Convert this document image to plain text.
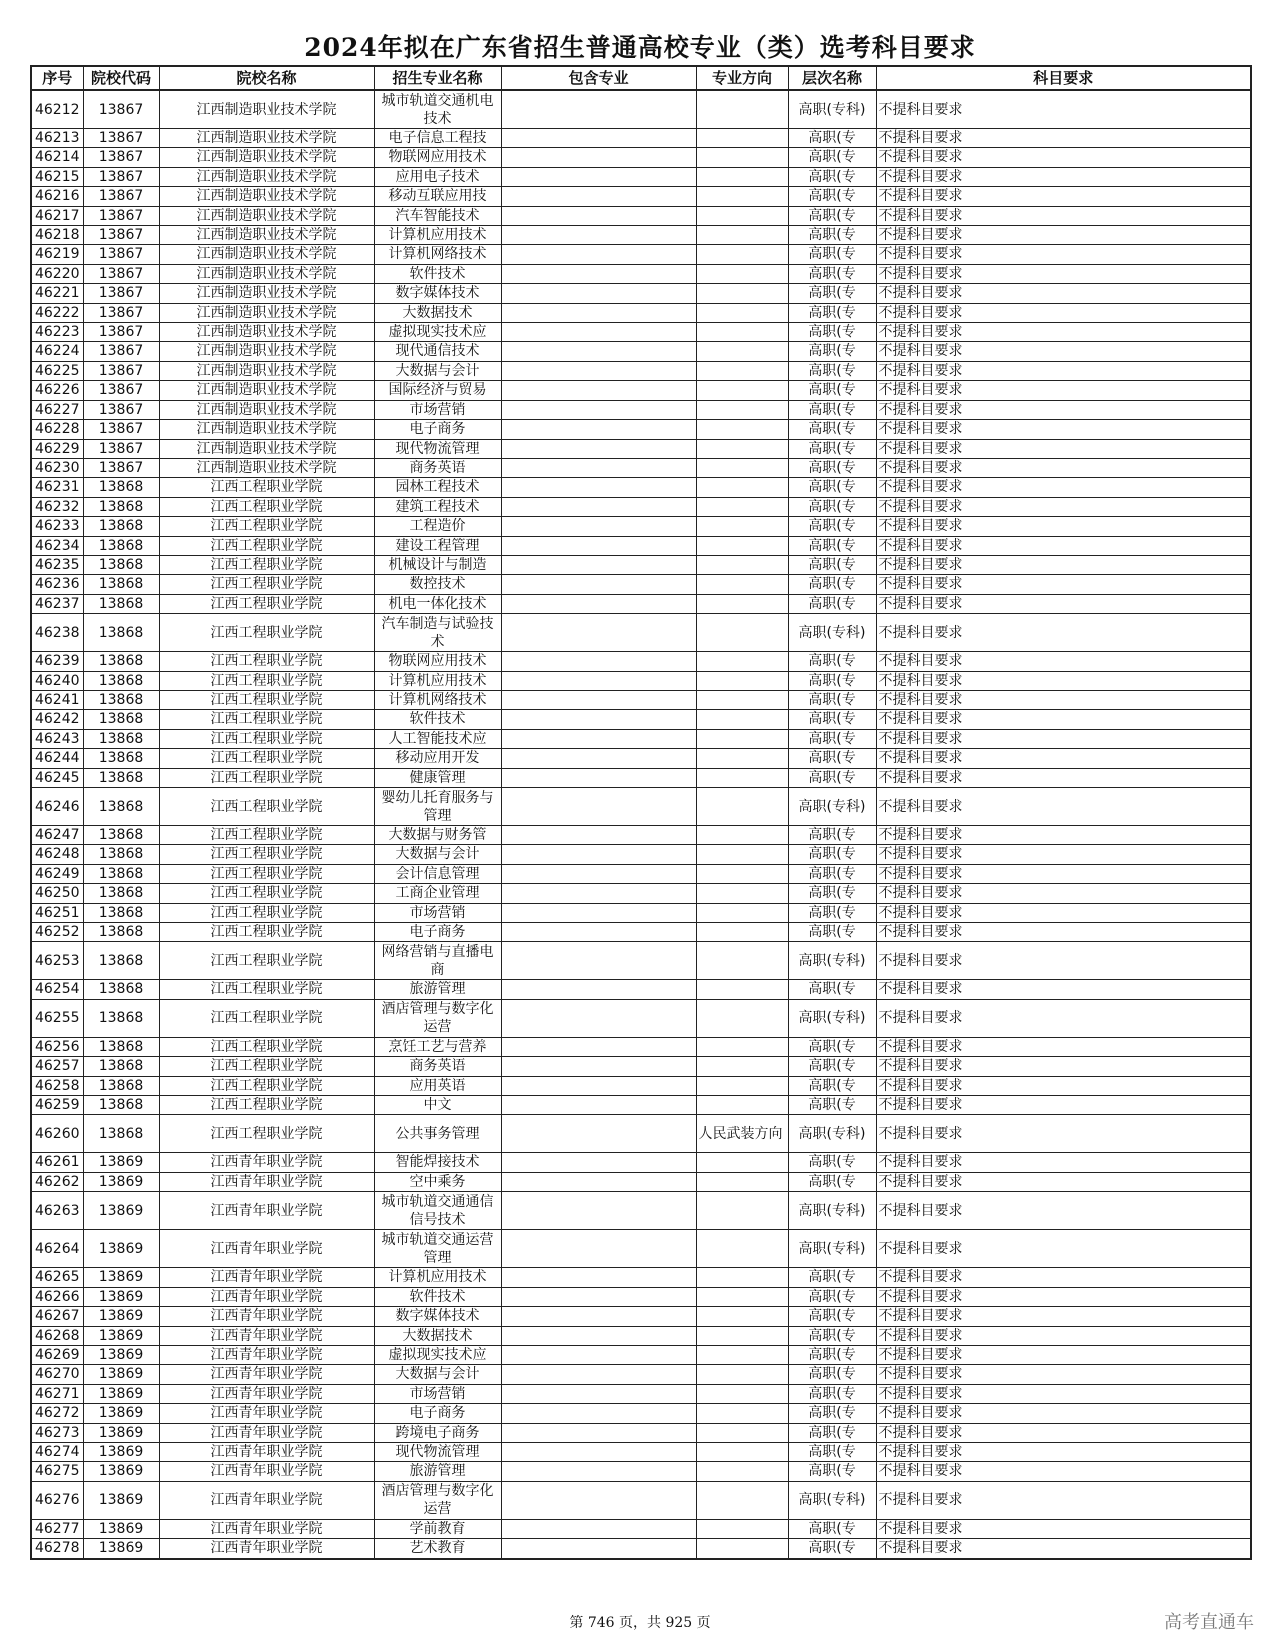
2024年拟在广东省招生普通高校专业（类）选考科目要求
序号	院校代码	院校名称	招生专业名称	包含专业	专业方向	层次名称	科目要求
46212	13867	江西制造职业技术学院	城市轨道交通机电技术			高职(专科)	不提科目要求
46213	13867	江西制造职业技术学院	电子信息工程技			高职(专	不提科目要求
46214	13867	江西制造职业技术学院	物联网应用技术			高职(专	不提科目要求
46215	13867	江西制造职业技术学院	应用电子技术			高职(专	不提科目要求
46216	13867	江西制造职业技术学院	移动互联应用技			高职(专	不提科目要求
46217	13867	江西制造职业技术学院	汽车智能技术			高职(专	不提科目要求
46218	13867	江西制造职业技术学院	计算机应用技术			高职(专	不提科目要求
46219	13867	江西制造职业技术学院	计算机网络技术			高职(专	不提科目要求
46220	13867	江西制造职业技术学院	软件技术			高职(专	不提科目要求
46221	13867	江西制造职业技术学院	数字媒体技术			高职(专	不提科目要求
46222	13867	江西制造职业技术学院	大数据技术			高职(专	不提科目要求
46223	13867	江西制造职业技术学院	虚拟现实技术应			高职(专	不提科目要求
46224	13867	江西制造职业技术学院	现代通信技术			高职(专	不提科目要求
46225	13867	江西制造职业技术学院	大数据与会计			高职(专	不提科目要求
46226	13867	江西制造职业技术学院	国际经济与贸易			高职(专	不提科目要求
46227	13867	江西制造职业技术学院	市场营销			高职(专	不提科目要求
46228	13867	江西制造职业技术学院	电子商务			高职(专	不提科目要求
46229	13867	江西制造职业技术学院	现代物流管理			高职(专	不提科目要求
46230	13867	江西制造职业技术学院	商务英语			高职(专	不提科目要求
46231	13868	江西工程职业学院	园林工程技术			高职(专	不提科目要求
46232	13868	江西工程职业学院	建筑工程技术			高职(专	不提科目要求
46233	13868	江西工程职业学院	工程造价			高职(专	不提科目要求
46234	13868	江西工程职业学院	建设工程管理			高职(专	不提科目要求
46235	13868	江西工程职业学院	机械设计与制造			高职(专	不提科目要求
46236	13868	江西工程职业学院	数控技术			高职(专	不提科目要求
46237	13868	江西工程职业学院	机电一体化技术			高职(专	不提科目要求
46238	13868	江西工程职业学院	汽车制造与试验技术			高职(专科)	不提科目要求
46239	13868	江西工程职业学院	物联网应用技术			高职(专	不提科目要求
46240	13868	江西工程职业学院	计算机应用技术			高职(专	不提科目要求
46241	13868	江西工程职业学院	计算机网络技术			高职(专	不提科目要求
46242	13868	江西工程职业学院	软件技术			高职(专	不提科目要求
46243	13868	江西工程职业学院	人工智能技术应			高职(专	不提科目要求
46244	13868	江西工程职业学院	移动应用开发			高职(专	不提科目要求
46245	13868	江西工程职业学院	健康管理			高职(专	不提科目要求
46246	13868	江西工程职业学院	婴幼儿托育服务与管理			高职(专科)	不提科目要求
46247	13868	江西工程职业学院	大数据与财务管			高职(专	不提科目要求
46248	13868	江西工程职业学院	大数据与会计			高职(专	不提科目要求
46249	13868	江西工程职业学院	会计信息管理			高职(专	不提科目要求
46250	13868	江西工程职业学院	工商企业管理			高职(专	不提科目要求
46251	13868	江西工程职业学院	市场营销			高职(专	不提科目要求
46252	13868	江西工程职业学院	电子商务			高职(专	不提科目要求
46253	13868	江西工程职业学院	网络营销与直播电商			高职(专科)	不提科目要求
46254	13868	江西工程职业学院	旅游管理			高职(专	不提科目要求
46255	13868	江西工程职业学院	酒店管理与数字化运营			高职(专科)	不提科目要求
46256	13868	江西工程职业学院	烹饪工艺与营养			高职(专	不提科目要求
46257	13868	江西工程职业学院	商务英语			高职(专	不提科目要求
46258	13868	江西工程职业学院	应用英语			高职(专	不提科目要求
46259	13868	江西工程职业学院	中文			高职(专	不提科目要求
46260	13868	江西工程职业学院	公共事务管理		人民武装方向	高职(专科)	不提科目要求
46261	13869	江西青年职业学院	智能焊接技术			高职(专	不提科目要求
46262	13869	江西青年职业学院	空中乘务			高职(专	不提科目要求
46263	13869	江西青年职业学院	城市轨道交通通信信号技术			高职(专科)	不提科目要求
46264	13869	江西青年职业学院	城市轨道交通运营管理			高职(专科)	不提科目要求
46265	13869	江西青年职业学院	计算机应用技术			高职(专	不提科目要求
46266	13869	江西青年职业学院	软件技术			高职(专	不提科目要求
46267	13869	江西青年职业学院	数字媒体技术			高职(专	不提科目要求
46268	13869	江西青年职业学院	大数据技术			高职(专	不提科目要求
46269	13869	江西青年职业学院	虚拟现实技术应			高职(专	不提科目要求
46270	13869	江西青年职业学院	大数据与会计			高职(专	不提科目要求
46271	13869	江西青年职业学院	市场营销			高职(专	不提科目要求
46272	13869	江西青年职业学院	电子商务			高职(专	不提科目要求
46273	13869	江西青年职业学院	跨境电子商务			高职(专	不提科目要求
46274	13869	江西青年职业学院	现代物流管理			高职(专	不提科目要求
46275	13869	江西青年职业学院	旅游管理			高职(专	不提科目要求
46276	13869	江西青年职业学院	酒店管理与数字化运营			高职(专科)	不提科目要求
46277	13869	江西青年职业学院	学前教育			高职(专	不提科目要求
46278	13869	江西青年职业学院	艺术教育			高职(专	不提科目要求
第 746 页，共 925 页	高考直通车
